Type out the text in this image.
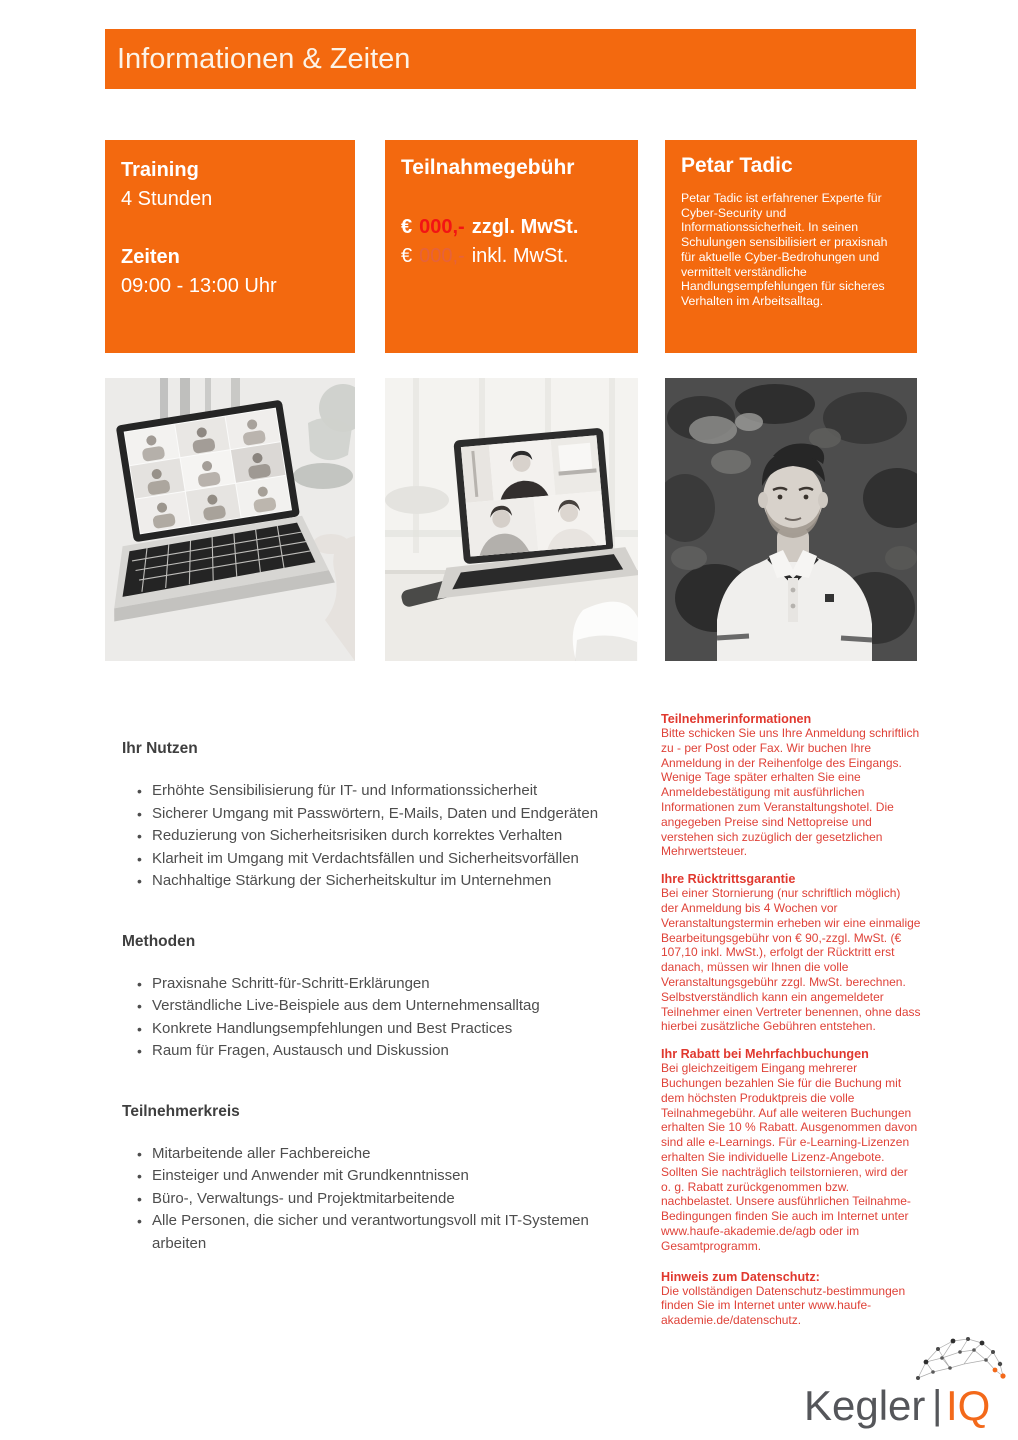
Informationen & Zeiten
Training
4 Stunden
Zeiten
09:00 - 13:00 Uhr
Teilnahmegebühr
€ 000,- zzgl. MwSt.
€ 000,- inkl. MwSt.
Petar Tadic

Petar Tadic ist erfahrener Experte für Cyber-Security und Informationssicherheit. In seinen Schulungen sensibilisiert er praxisnah für aktuelle Cyber-Bedrohungen und vermittelt verständliche Handlungsempfehlungen für sicheres Verhalten im Arbeitsalltag.

Ihr Nutzen
• Erhöhte Sensibilisierung für IT- und Informationssicherheit
• Sicherer Umgang mit Passwörtern, E-Mails, Daten und Endgeräten
• Reduzierung von Sicherheitsrisiken durch korrektes Verhalten
• Klarheit im Umgang mit Verdachtsfällen und Sicherheitsvorfällen
• Nachhaltige Stärkung der Sicherheitskultur im Unternehmen
Methoden
• Praxisnahe Schritt-für-Schritt-Erklärungen
• Verständliche Live-Beispiele aus dem Unternehmensalltag
• Konkrete Handlungsempfehlungen und Best Practices
• Raum für Fragen, Austausch und Diskussion
Teilnehmerkreis
• Mitarbeitende aller Fachbereiche
• Einsteiger und Anwender mit Grundkenntnissen
• Büro-, Verwaltungs- und Projektmitarbeitende
• Alle Personen, die sicher und verantwortungsvoll mit IT-Systemen arbeiten
Teilnehmerinformationen

Bitte schicken Sie uns Ihre Anmeldung schriftlich zu - per Post oder Fax. Wir buchen Ihre Anmeldung in der Reihenfolge des Eingangs. Wenige Tage später erhalten Sie eine Anmeldebestätigung mit ausführlichen Informationen zum Veranstaltungshotel. Die angegeben Preise sind Nettopreise und verstehen sich zuzüglich der gesetzlichen Mehrwertsteuer.

Ihre Rücktrittsgarantie

Bei einer Stornierung (nur schriftlich möglich) der Anmeldung bis 4 Wochen vor Veranstaltungstermin erheben wir eine einmalige Bearbeitungsgebühr von € 90,-zzgl. MwSt. (€ 107,10 inkl. MwSt.), erfolgt der Rücktritt erst danach, müssen wir Ihnen die volle Veranstaltungsgebühr zzgl. MwSt. berechnen. Selbstverständlich kann ein angemeldeter Teilnehmer einen Vertreter benennen, ohne dass hierbei zusätzliche Gebühren entstehen.

Ihr Rabatt bei Mehrfachbuchungen

Bei gleichzeitigem Eingang mehrerer Buchungen bezahlen Sie für die Buchung mit dem höchsten Produktpreis die volle Teilnahmegebühr. Auf alle weiteren Buchungen erhalten Sie 10 % Rabatt. Ausgenommen davon sind alle e-Learnings. Für e-Learning-Lizenzen erhalten Sie individuelle Lizenz-Angebote. Sollten Sie nachträglich teilstornieren, wird der o. g. Rabatt zurückgenommen bzw. nachbelastet. Unsere ausführlichen Teilnahme-Bedingungen finden Sie auch im Internet unter www.haufe-akademie.de/agb oder im Gesamtprogramm.

Hinweis zum Datenschutz:

Die vollständigen Datenschutz-bestimmungen finden Sie im Internet unter www.haufe-akademie.de/datenschutz.

Kegler | IQ
